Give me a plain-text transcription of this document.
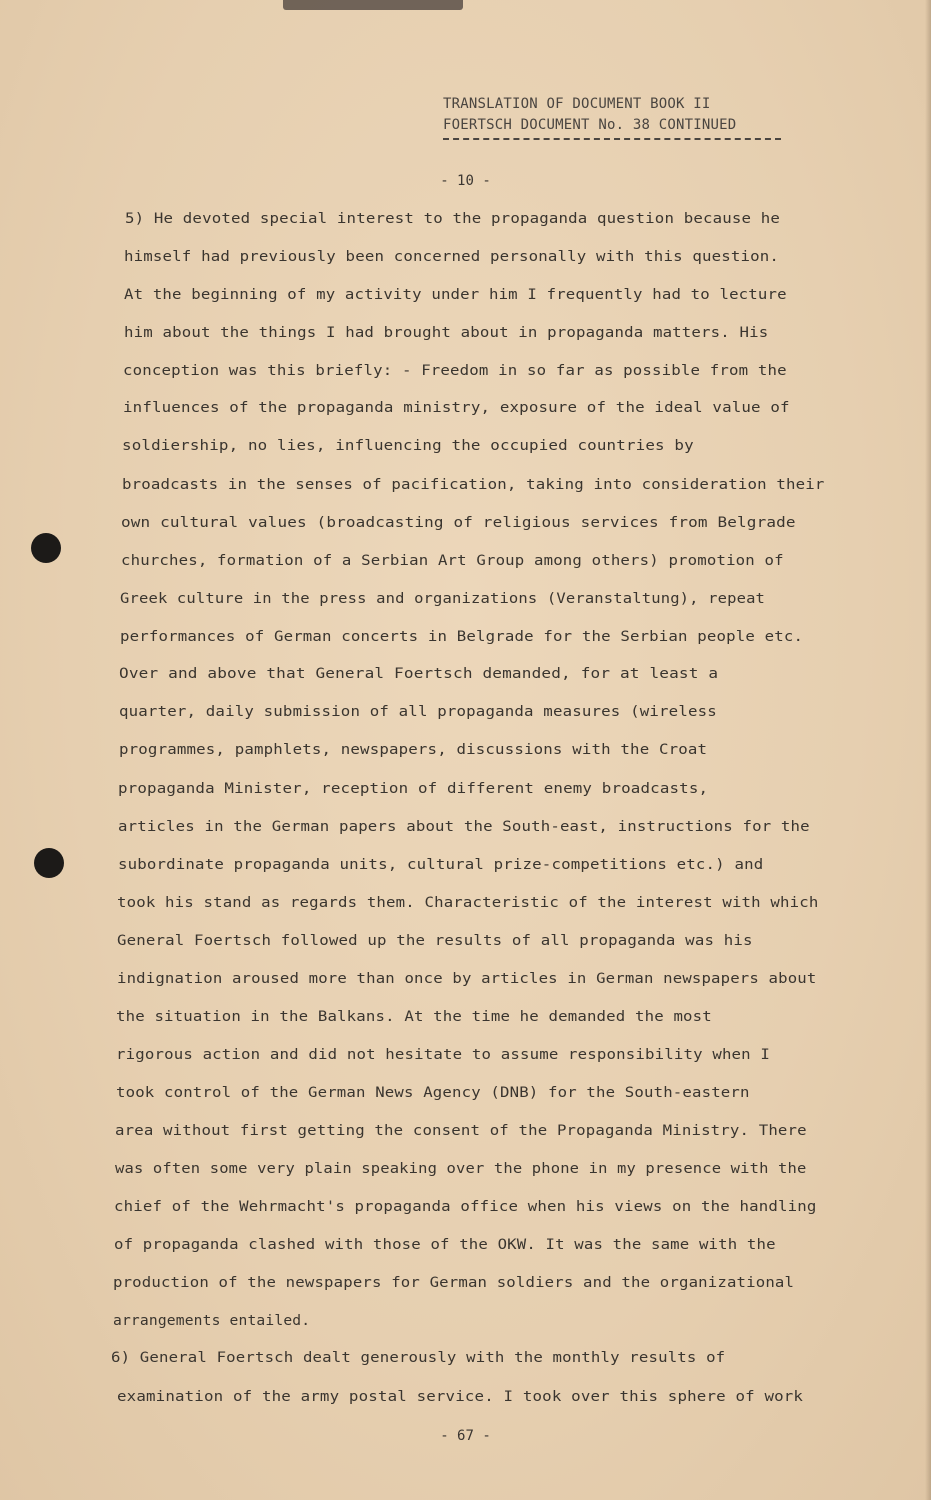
TRANSLATION OF DOCUMENT BOOK II
FOERTSCH DOCUMENT No. 38 CONTINUED
- 10 -
5) He devoted special interest to the propaganda question because he
himself had previously been concerned personally with this question.
At the beginning of my activity under him I frequently had to lecture
him about the things I had brought about in propaganda matters. His
conception was this briefly: - Freedom in so far as possible from the
influences of the propaganda ministry, exposure of the ideal value of
soldiership, no lies, influencing the occupied countries by
broadcasts in the senses of pacification, taking into consideration their
own cultural values (broadcasting of religious services from Belgrade
churches, formation of a Serbian Art Group among others) promotion of
Greek culture in the press and organizations (Veranstaltung), repeat
performances of German concerts in Belgrade for the Serbian people etc.
Over and above that General Foertsch demanded, for at least a
quarter, daily submission of all propaganda measures (wireless
programmes, pamphlets, newspapers, discussions with the Croat
propaganda Minister, reception of different enemy broadcasts,
articles in the German papers about the South-east, instructions for the
subordinate propaganda units, cultural prize-competitions etc.) and
took his stand as regards them. Characteristic of the interest with which
General Foertsch followed up the results of all propaganda was his
indignation aroused more than once by articles in German newspapers about
the situation in the Balkans. At the time he demanded the most
rigorous action and did not hesitate to assume responsibility when I
took control of the German News Agency (DNB) for the South-eastern
area without first getting the consent of the Propaganda Ministry. There
was often some very plain speaking over the phone in my presence with the
chief of the Wehrmacht's propaganda office when his views on the handling
of propaganda clashed with those of the OKW. It was the same with the
production of the newspapers for German soldiers and the organizational
arrangements entailed.
6) General Foertsch dealt generously with the monthly results of
examination of the army postal service. I took over this sphere of work
- 67 -
